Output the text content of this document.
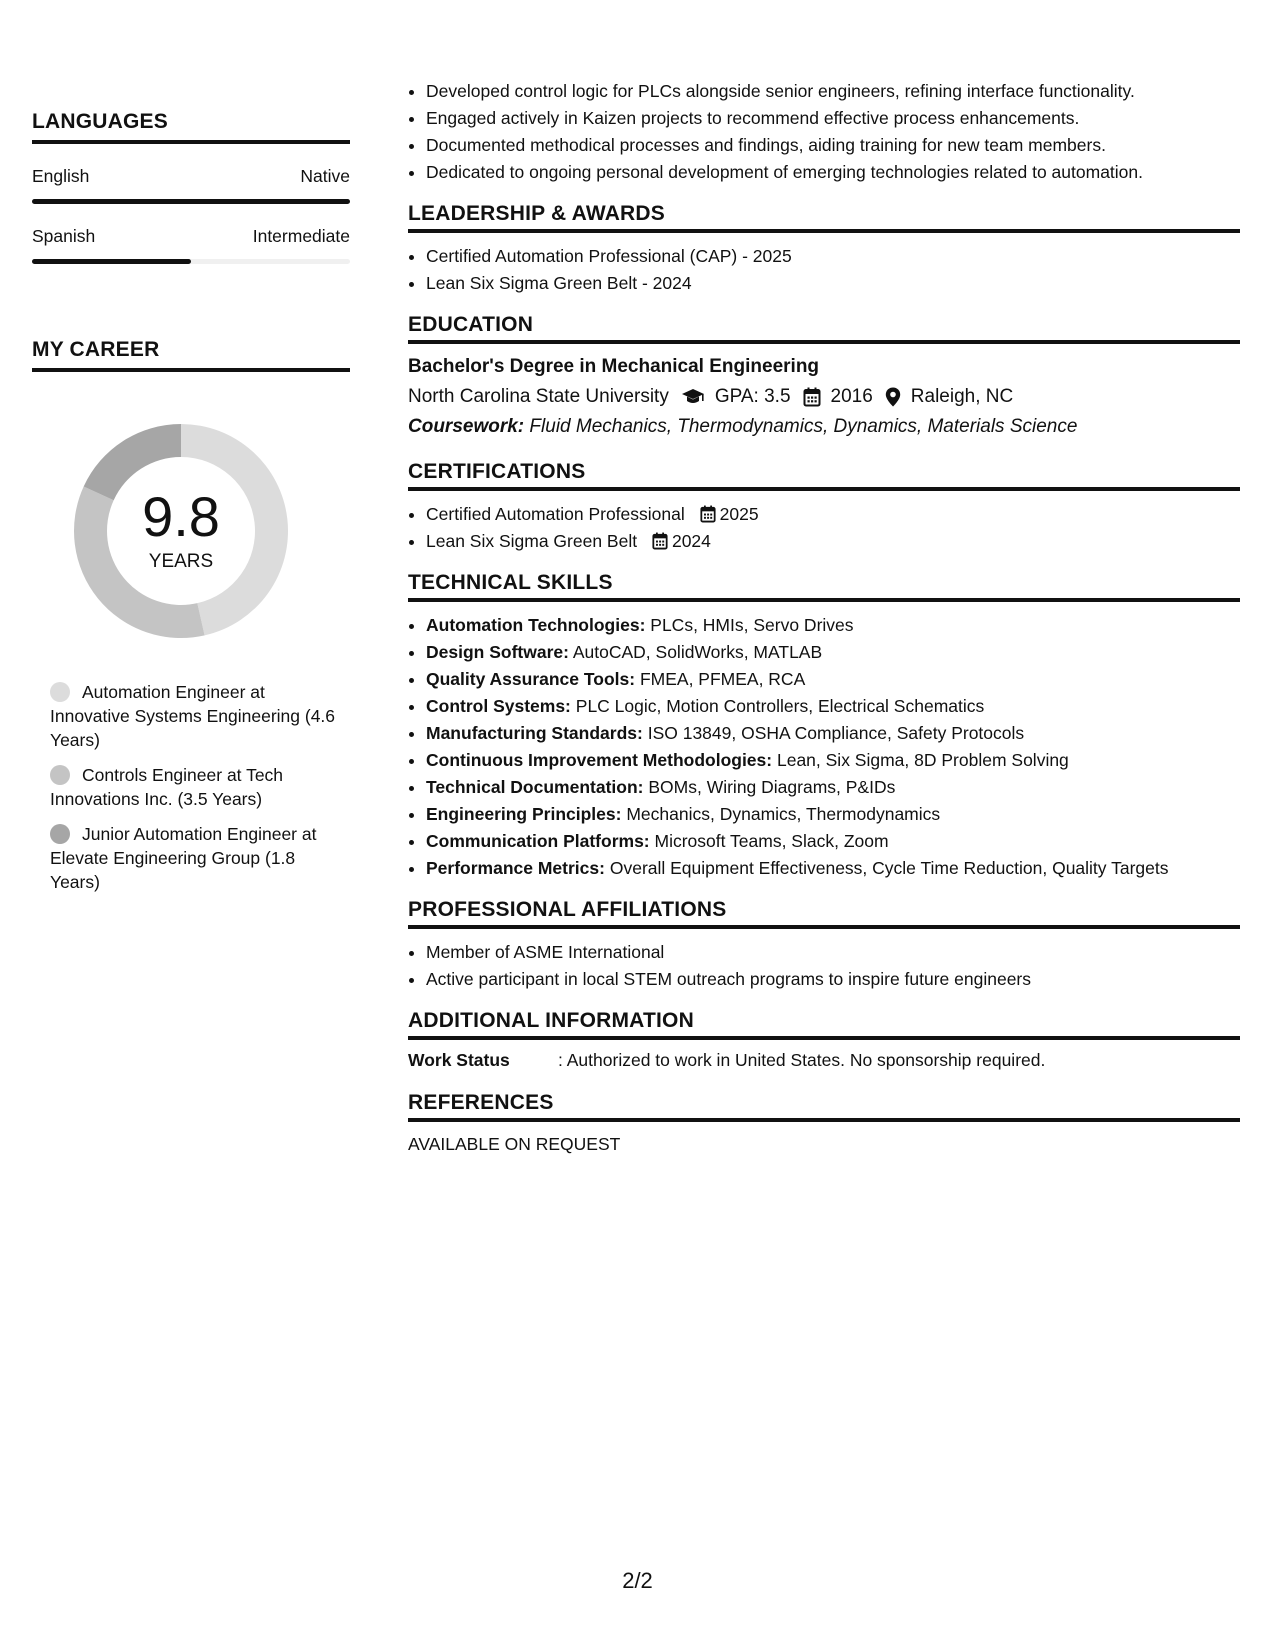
LANGUAGES
English	Native
Spanish	Intermediate
MY CAREER
9.8
YEARS
Automation Engineer at Innovative Systems Engineering (4.6 Years)
Controls Engineer at Tech Innovations Inc. (3.5 Years)
Junior Automation Engineer at Elevate Engineering Group (1.8 Years)
• Developed control logic for PLCs alongside senior engineers, refining interface functionality.
• Engaged actively in Kaizen projects to recommend effective process enhancements.
• Documented methodical processes and findings, aiding training for new team members.
• Dedicated to ongoing personal development of emerging technologies related to automation.
LEADERSHIP & AWARDS
• Certified Automation Professional (CAP) - 2025
• Lean Six Sigma Green Belt - 2024
EDUCATION
Bachelor's Degree in Mechanical Engineering
North Carolina State University GPA: 3.5 2016 Raleigh, NC
Coursework: Fluid Mechanics, Thermodynamics, Dynamics, Materials Science
CERTIFICATIONS
• Certified Automation Professional 2025
• Lean Six Sigma Green Belt 2024
TECHNICAL SKILLS
• Automation Technologies: PLCs, HMIs, Servo Drives
• Design Software: AutoCAD, SolidWorks, MATLAB
• Quality Assurance Tools: FMEA, PFMEA, RCA
• Control Systems: PLC Logic, Motion Controllers, Electrical Schematics
• Manufacturing Standards: ISO 13849, OSHA Compliance, Safety Protocols
• Continuous Improvement Methodologies: Lean, Six Sigma, 8D Problem Solving
• Technical Documentation: BOMs, Wiring Diagrams, P&IDs
• Engineering Principles: Mechanics, Dynamics, Thermodynamics
• Communication Platforms: Microsoft Teams, Slack, Zoom
• Performance Metrics: Overall Equipment Effectiveness, Cycle Time Reduction, Quality Targets
PROFESSIONAL AFFILIATIONS
• Member of ASME International
• Active participant in local STEM outreach programs to inspire future engineers
ADDITIONAL INFORMATION
Work Status	: Authorized to work in United States. No sponsorship required.
REFERENCES
AVAILABLE ON REQUEST
2/2
